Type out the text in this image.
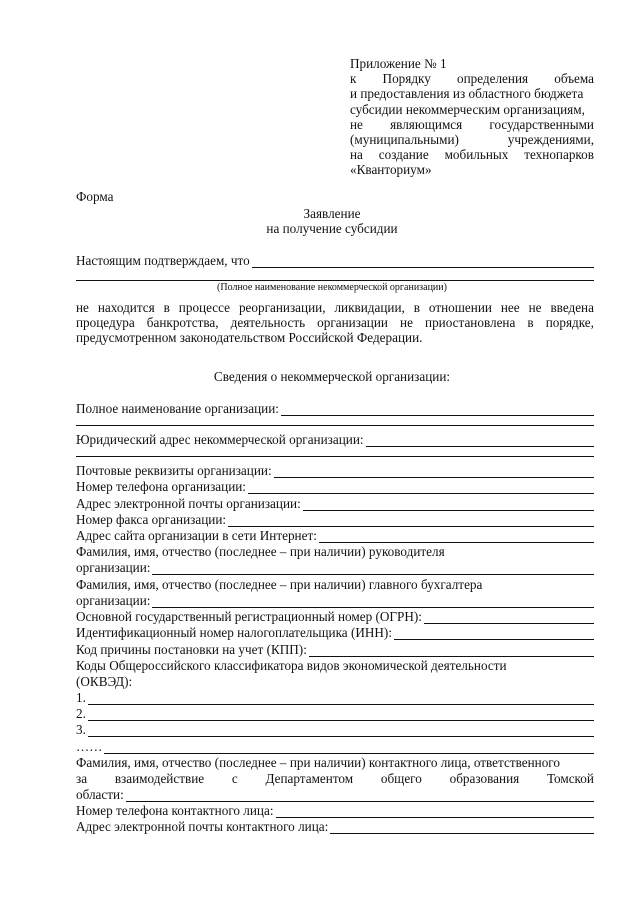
Приложение № 1
к Порядку определения объема
и предоставления из областного бюджета
субсидии некоммерческим организациям,
не являющимся государственными
(муниципальными)	учреждениями,
на создание мобильных технопарков
«Кванториум»
Форма
Заявление
на получение субсидии
Настоящим подтверждаем, что
(Полное наименование некоммерческой организации)
не находится в процессе реорганизации, ликвидации, в отношении нее не введена
процедура банкротства, деятельность организации не приостановлена в порядке,
предусмотренном законодательством Российской Федерации.
Сведения о некоммерческой организации:
Полное наименование организации:
Юридический адрес некоммерческой организации:
Почтовые реквизиты организации:
Номер телефона организации:
Адрес электронной почты организации:
Номер факса организации:
Адрес сайта организации в сети Интернет:
Фамилия, имя, отчество (последнее – при наличии) руководителя
организации:
Фамилия, имя, отчество (последнее – при наличии) главного бухгалтера
организации:
Основной государственный регистрационный номер (ОГРН):
Идентификационный номер налогоплательщика (ИНН):
Код причины постановки на учет (КПП):
Коды Общероссийского классификатора видов экономической деятельности
(ОКВЭД):
1.
2.
3.
……
Фамилия, имя, отчество (последнее – при наличии) контактного лица, ответственного
за взаимодействие с Департаментом общего образования Томской
области:
Номер телефона контактного лица:
Адрес электронной почты контактного лица:
